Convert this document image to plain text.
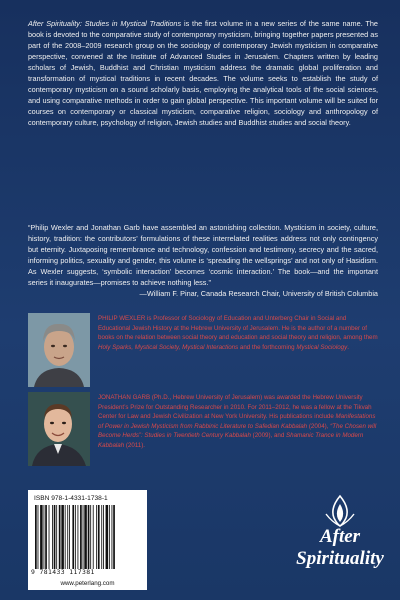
After Spirituality: Studies in Mystical Traditions is the first volume in a new series of the same name. The book is devoted to the comparative study of contemporary mysticism, bringing together papers presented as part of the 2008–2009 research group on the sociology of contemporary Jewish mysticism in comparative perspective, convened at the Institute of Advanced Studies in Jerusalem. Chapters written by leading scholars of Jewish, Buddhist and Christian mysticism address the dramatic global proliferation and transformation of mystical traditions in recent decades. The volume seeks to establish the study of contemporary mysticism on a sound scholarly basis, employing the analytical tools of the social sciences, and using comparative methods in order to gain global perspective. This important volume will be suited for courses on contemporary or classical mysticism, comparative religion, sociology and anthropology of contemporary culture, psychology of religion, Jewish studies and Buddhist studies and social theory.

“Philip Wexler and Jonathan Garb have assembled an astonishing collection. Mysticism in society, culture, history, tradition: the contributors’ formulations of these interrelated realities address not only contingency but eternity. Juxtaposing remembrance and technology, confession and testimony, secrecy and the sacred, informing politics, sexuality and gender, this volume is ‘spreading the wellsprings’ and not only of Hasidism. As Wexler suggests, ‘symbolic interaction’ becomes ‘cosmic interaction.’ The book—and the important series it inaugurates—promises to achieve nothing less.”

—William F. Pinar, Canada Research Chair, University of British Columbia

PHILIP WEXLER is Professor of Sociology of Education and Unterberg Chair in Social and Educational Jewish History at the Hebrew University of Jerusalem. He is the author of a number of books on the relation between social theory and education and social theory and religion, among them Holy Sparks, Mystical Society, Mystical Interactions and the forthcoming Mystical Sociology.

JONATHAN GARB (Ph.D., Hebrew University of Jerusalem) was awarded the Hebrew University President’s Prize for Outstanding Researcher in 2010. For 2011–2012, he was a fellow at the Tikvah Center for Law and Jewish Civilization at New York University. His publications include Manifestations of Power in Jewish Mysticism from Rabbinic Literature to Safedian Kabbalah (2004), “The Chosen will Become Herds”: Studies in Twentieth Century Kabbalah (2009), and Shamanic Trance in Modern Kabbalah (2011).

ISBN 978-1-4331-1738-1
9 781433 117381
www.peterlang.com
After
Spirituality
